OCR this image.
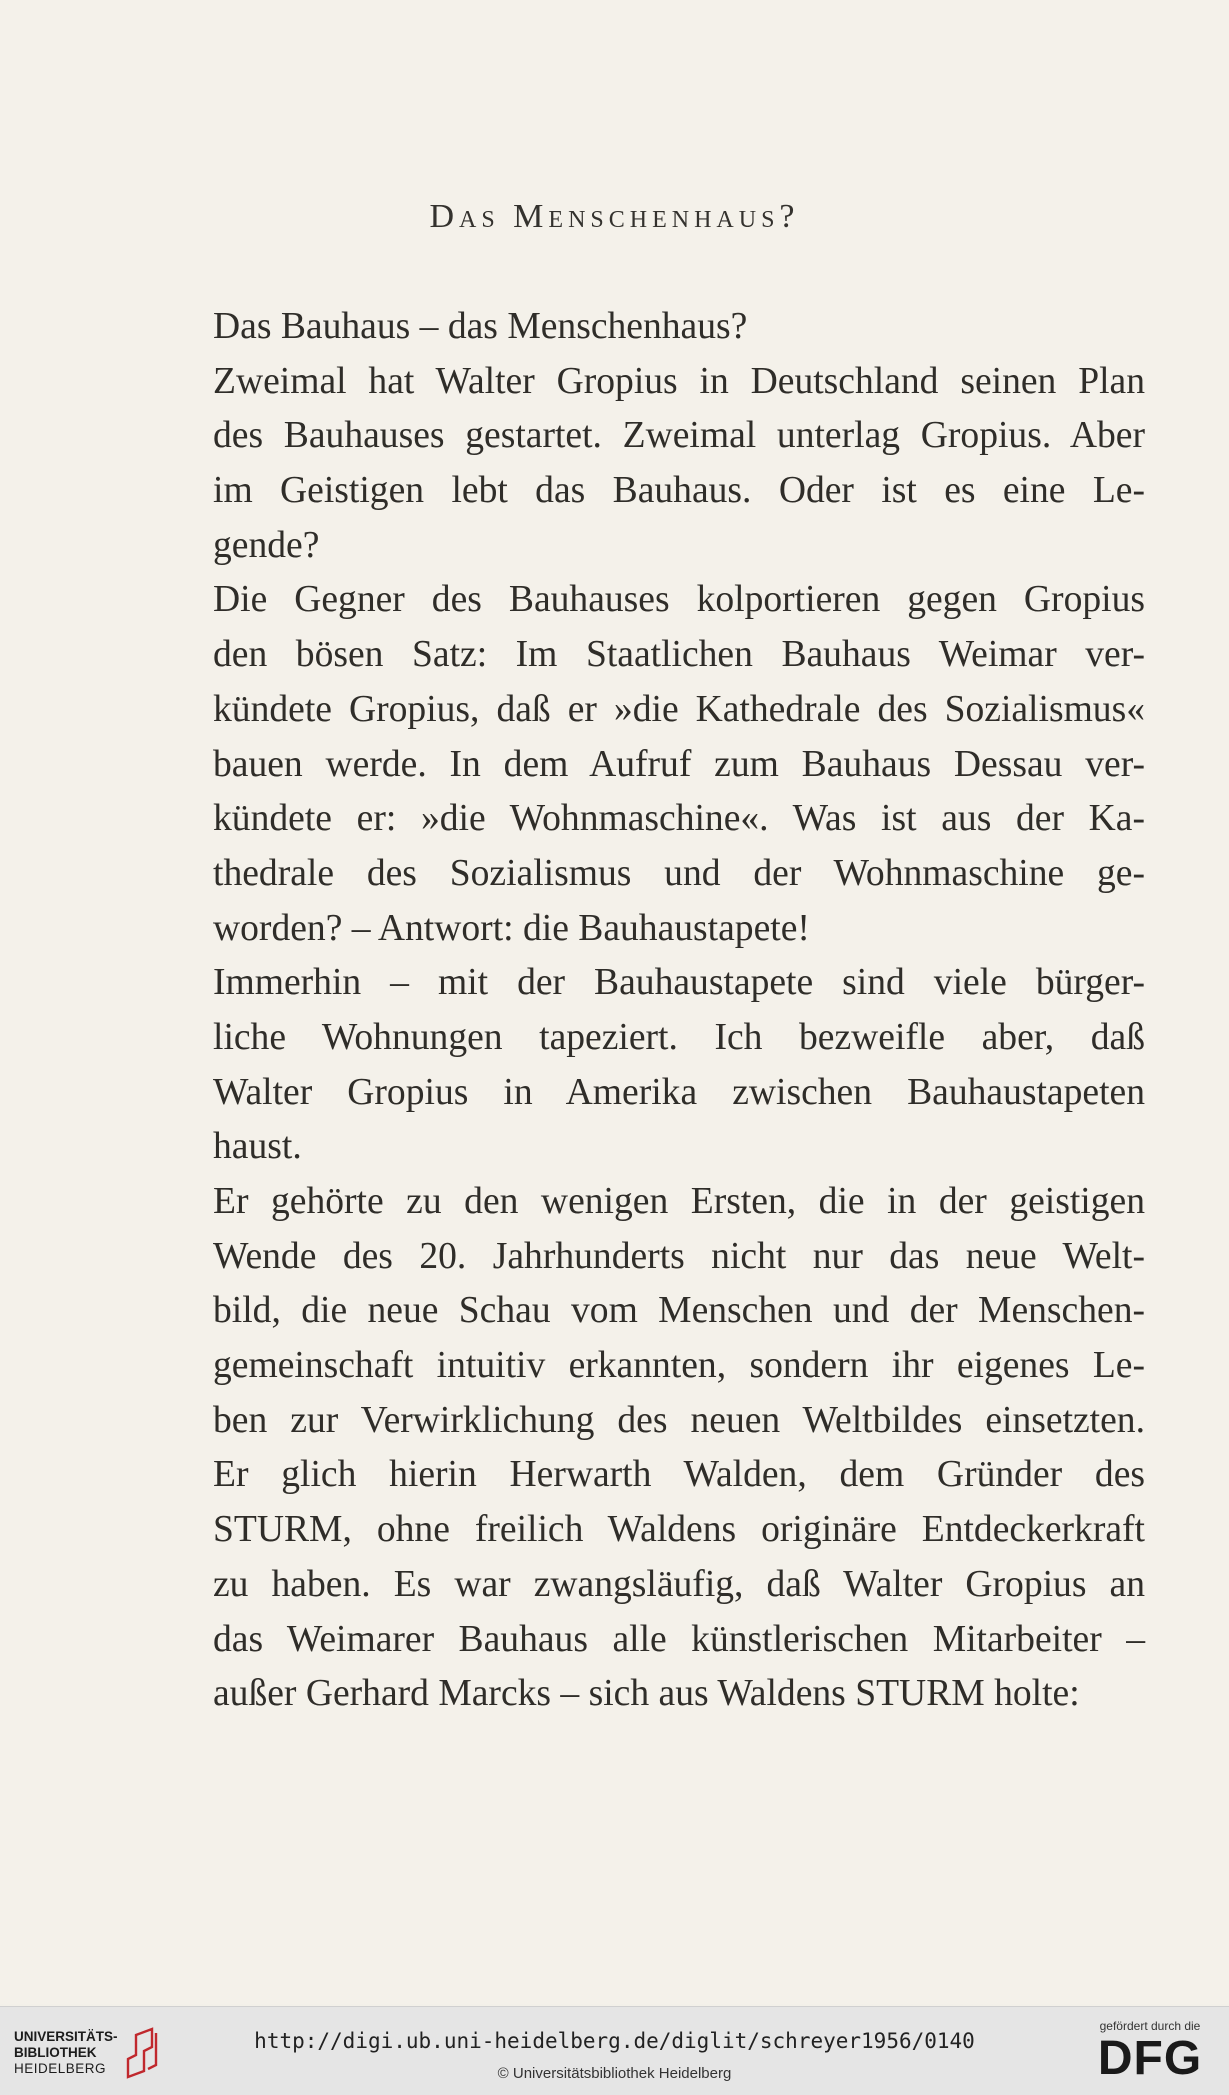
Das Menschenhaus?
Das Bauhaus – das Menschenhaus?
Zweimal hat Walter Gropius in Deutschland seinen Plan
des Bauhauses gestartet. Zweimal unterlag Gropius. Aber
im Geistigen lebt das Bauhaus. Oder ist es eine Le-
gende?
Die Gegner des Bauhauses kolportieren gegen Gropius
den bösen Satz: Im Staatlichen Bauhaus Weimar ver-
kündete Gropius, daß er »die Kathedrale des Sozialismus«
bauen werde. In dem Aufruf zum Bauhaus Dessau ver-
kündete er: »die Wohnmaschine«. Was ist aus der Ka-
thedrale des Sozialismus und der Wohnmaschine ge-
worden? – Antwort: die Bauhaustapete!
Immerhin – mit der Bauhaustapete sind viele bürger-
liche Wohnungen tapeziert. Ich bezweifle aber, daß
Walter Gropius in Amerika zwischen Bauhaustapeten
haust.
Er gehörte zu den wenigen Ersten, die in der geistigen
Wende des 20. Jahrhunderts nicht nur das neue Welt-
bild, die neue Schau vom Menschen und der Menschen-
gemeinschaft intuitiv erkannten, sondern ihr eigenes Le-
ben zur Verwirklichung des neuen Weltbildes einsetzten.
Er glich hierin Herwarth Walden, dem Gründer des
STURM, ohne freilich Waldens originäre Entdeckerkraft
zu haben. Es war zwangsläufig, daß Walter Gropius an
das Weimarer Bauhaus alle künstlerischen Mitarbeiter –
außer Gerhard Marcks – sich aus Waldens STURM holte:
UNIVERSITÄTS-
BIBLIOTHEK
HEIDELBERG
http://digi.ub.uni-heidelberg.de/diglit/schreyer1956/0140
© Universitätsbibliothek Heidelberg
gefördert durch die
DFG
